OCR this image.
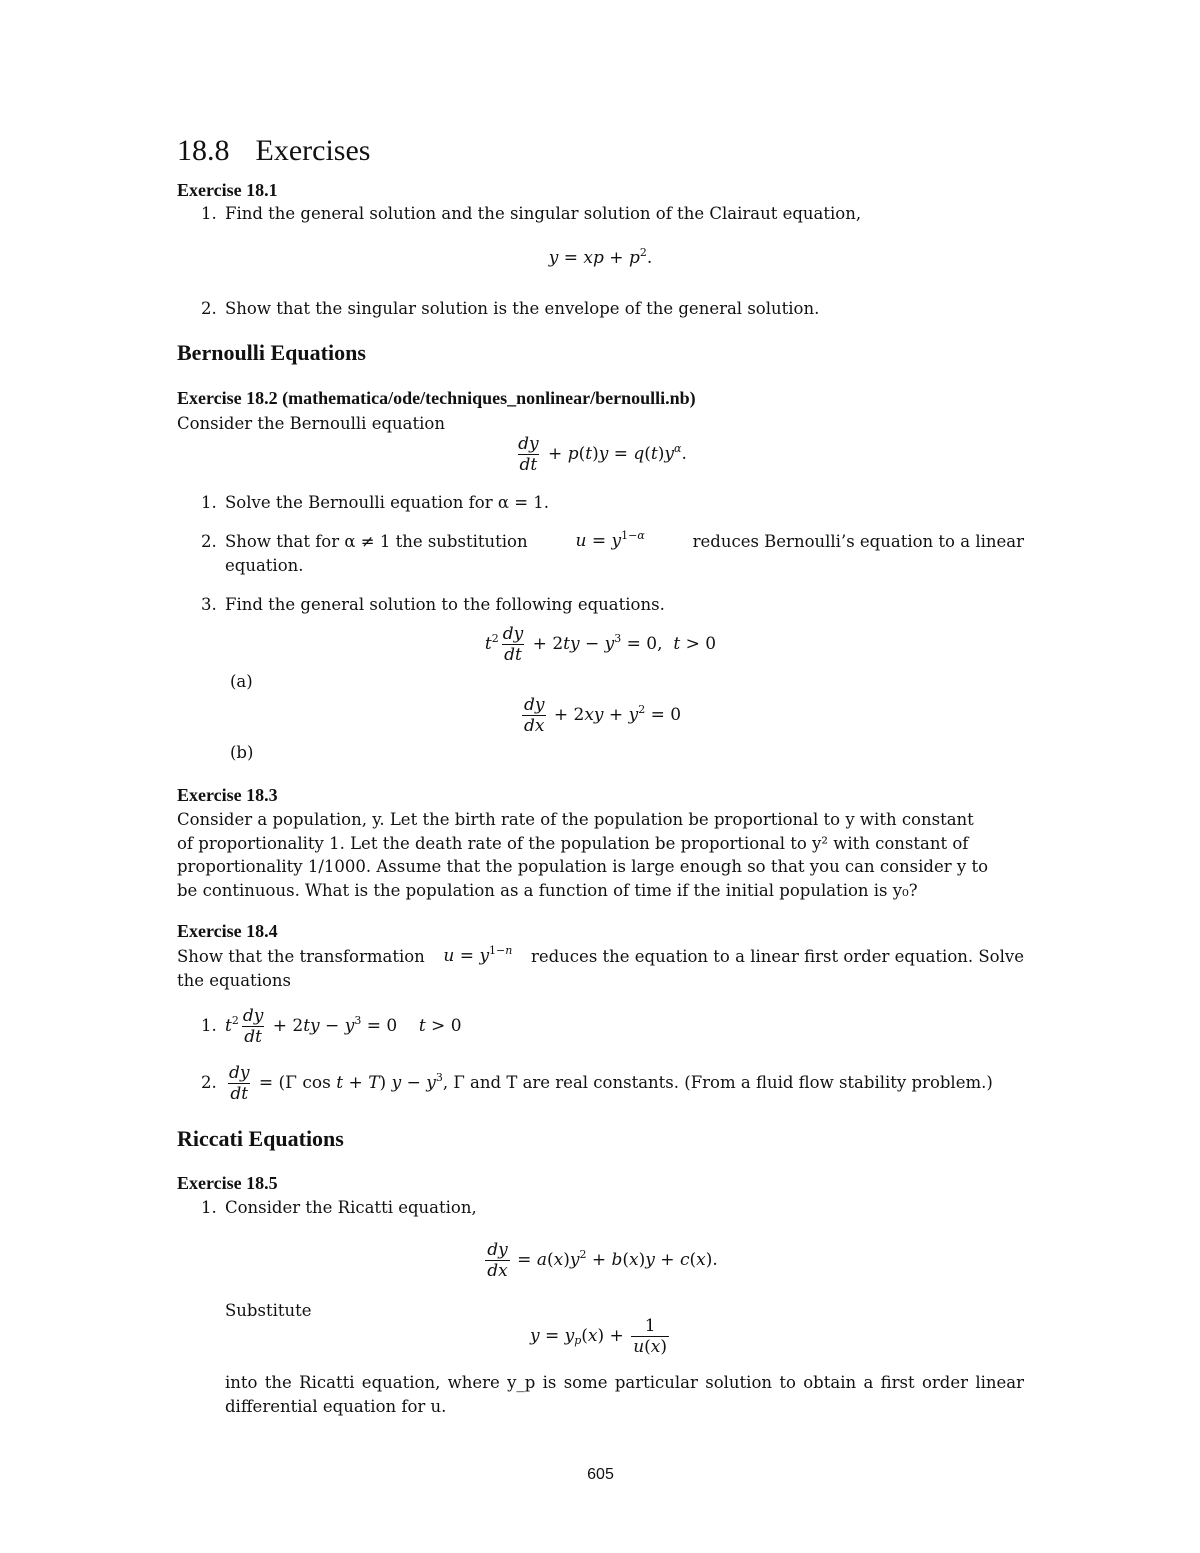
18.8 Exercises
Exercise 18.1
1. Find the general solution and the singular solution of the Clairaut equation,
y = xp + $p^2$.
2. Show that the singular solution is the envelope of the general solution.
Bernoulli Equations
Exercise 18.2 (mathematica/ode/techniques_nonlinear/bernoulli.nb)
Consider the Bernoulli equation
$\frac{dy}{dt} + p(t)y = q(t)y^\alpha$.
1. Solve the Bernoulli equation for α = 1.
2. Show that for α ≠ 1 the substitution	$u = y^{1-\alpha}$	reduces Bernoulli’s equation to a linear
equation.
3. Find the general solution to the following equations.
$t^2 \frac{dy}{dt} + 2ty - y^3 = 0$,  t > 0
(a)
$\frac{dy}{dx} + 2xy + y^2 = 0$
(b)
Exercise 18.3
Consider a population, y. Let the birth rate of the population be proportional to y with constant
of proportionality 1. Let the death rate of the population be proportional to y² with constant of
proportionality 1/1000. Assume that the population is large enough so that you can consider y to
be continuous. What is the population as a function of time if the initial population is y₀?
Exercise 18.4
Show that the transformation $u = y^{1-n}$ reduces the equation to a linear first order equation. Solve
the equations
1. $t^2 \frac{dy}{dt} + 2ty - y^3 = 0$    t > 0
2. $\frac{dy}{dt} = (\Gamma$ cos t + T) $y - y^3$, Γ and T are real constants. (From a fluid flow stability problem.)
Riccati Equations
Exercise 18.5
1. Consider the Ricatti equation,
$\frac{dy}{dx} = a(x)y^2 + b(x)y + c(x)$.
Substitute
$y = y_p(x) + \frac{1}{u(x)}$
into the Ricatti equation, where y_p is some particular solution to obtain a first order linear
differential equation for u.
605
